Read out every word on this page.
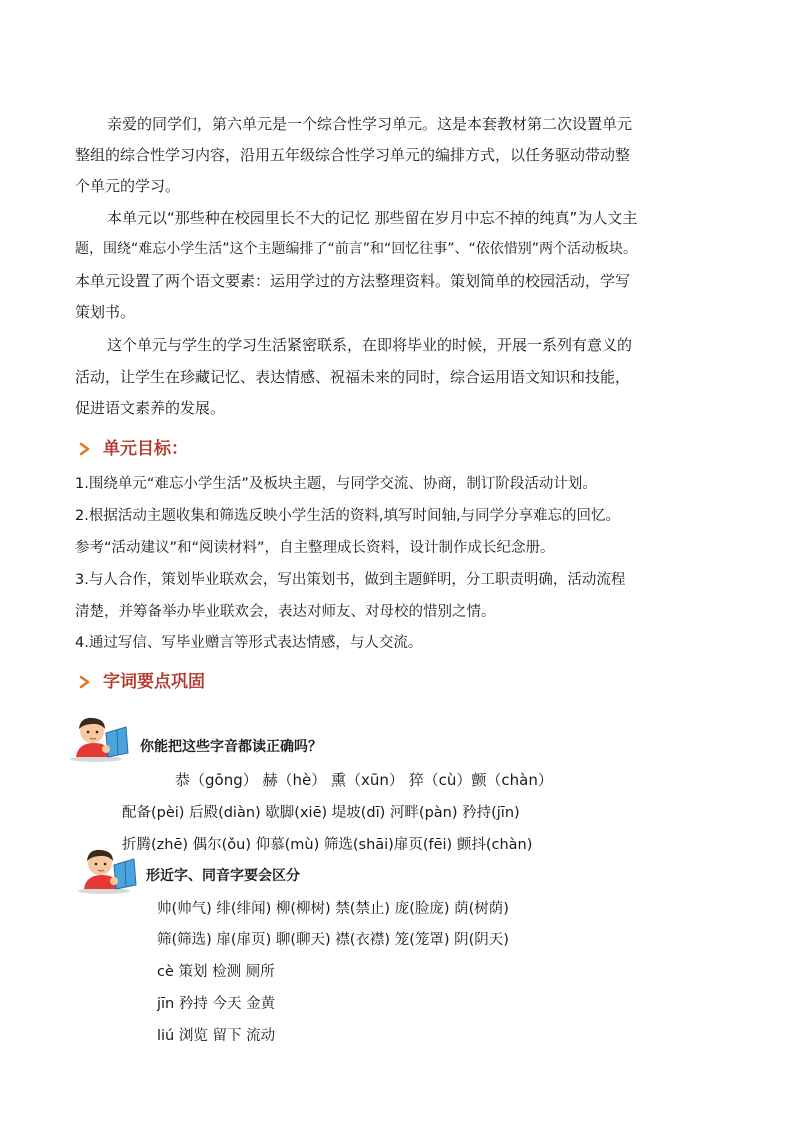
亲爱的同学们，第六单元是一个综合性学习单元。这是本套教材第二次设置单元
整组的综合性学习内容，沿用五年级综合性学习单元的编排方式，以任务驱动带动整
个单元的学习。
本单元以“那些种在校园里长不大的记忆 那些留在岁月中忘不掉的纯真”为人文主
题，围绕“难忘小学生活”这个主题编排了“前言”和“回忆往事”、“依依惜别”两个活动板块。
本单元设置了两个语文要素：运用学过的方法整理资料。策划简单的校园活动，学写
策划书。
这个单元与学生的学习生活紧密联系，在即将毕业的时候，开展一系列有意义的
活动，让学生在珍藏记忆、表达情感、祝福未来的同时，综合运用语文知识和技能，
促进语文素养的发展。
单元目标：
1.围绕单元“难忘小学生活”及板块主题，与同学交流、协商，制订阶段活动计划。
2.根据活动主题收集和筛选反映小学生活的资料,填写时间轴,与同学分享难忘的回忆。
参考“活动建议”和“阅读材料”，自主整理成长资料，设计制作成长纪念册。
3.与人合作，策划毕业联欢会，写出策划书，做到主题鲜明，分工职责明确，活动流程
清楚，并筹备举办毕业联欢会，表达对师友、对母校的惜别之情。
4.通过写信、写毕业赠言等形式表达情感，与人交流。
字词要点巩固
你能把这些字音都读正确吗？
恭（gōng） 赫（hè） 熏（xūn） 猝（cù）颤（chàn）
配备(pèi) 后殿(diàn) 歇脚(xiē) 堤坡(dī) 河畔(pàn) 矜持(jīn)
折腾(zhē) 偶尔(ǒu) 仰慕(mù) 筛选(shāi)扉页(fēi) 颤抖(chàn)
形近字、同音字要会区分
帅(帅气) 绯(绯闻) 柳(柳树) 禁(禁止) 庞(脸庞) 荫(树荫)
筛(筛选) 扉(扉页) 聊(聊天) 襟(衣襟) 笼(笼罩) 阴(阴天)
cè 策划 检测 厕所
jīn 矜持 今天 金黄
liú 浏览 留下 流动
